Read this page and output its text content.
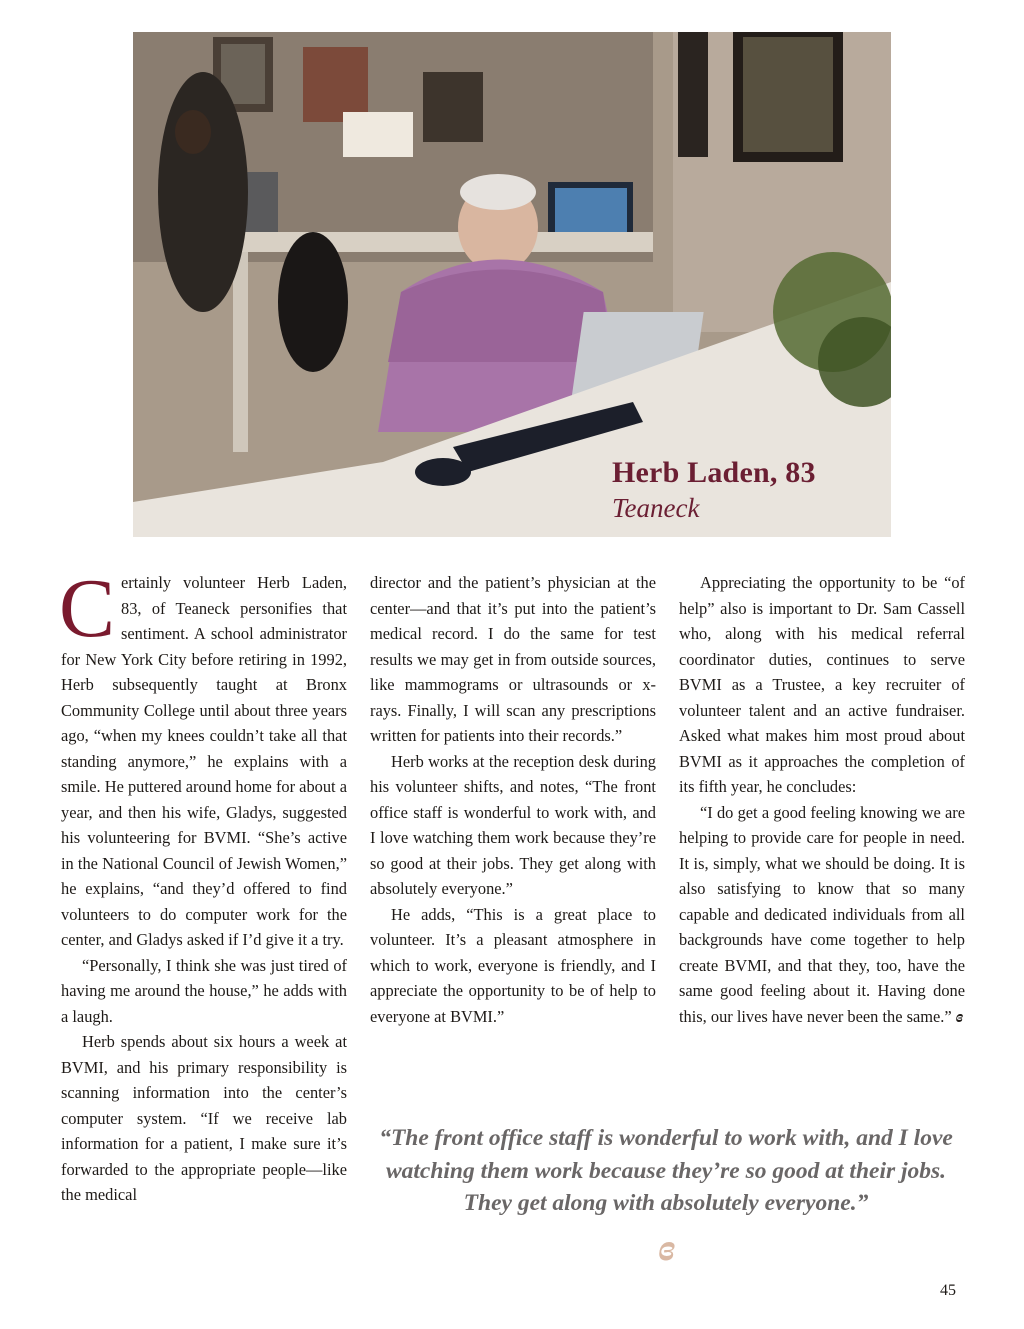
Herb Laden, 83
Teaneck

Certainly volunteer Herb Laden, 83, of Teaneck personifies that sentiment. A school administrator for New York City before retiring in 1992, Herb subsequently taught at Bronx Community College until about three years ago, “when my knees couldn’t take all that standing anymore,” he explains with a smile. He puttered around home for about a year, and then his wife, Gladys, suggested his volunteering for BVMI. “She’s active in the National Council of Jewish Women,” he explains, “and they’d offered to find volunteers to do computer work for the center, and Gladys asked if I’d give it a try.

“Personally, I think she was just tired of having me around the house,” he adds with a laugh.

Herb spends about six hours a week at BVMI, and his primary responsibility is scanning information into the center’s computer system. “If we receive lab information for a patient, I make sure it’s forwarded to the appropriate people—like the medical

director and the patient’s physician at the center—and that it’s put into the patient’s medical record. I do the same for test results we may get in from outside sources, like mammograms or ultrasounds or x-rays. Finally, I will scan any prescriptions written for patients into their records.”

Herb works at the reception desk during his volunteer shifts, and notes, “The front office staff is wonderful to work with, and I love watching them work because they’re so good at their jobs. They get along with absolutely everyone.”

He adds, “This is a great place to volunteer. It’s a pleasant atmosphere in which to work, everyone is friendly, and I appreciate the opportunity to be of help to everyone at BVMI.”

Appreciating the opportunity to be “of help” also is important to Dr. Sam Cassell who, along with his medical referral coordinator duties, continues to serve BVMI as a Trustee, a key recruiter of volunteer talent and an active fundraiser. Asked what makes him most proud about BVMI as it approaches the completion of its fifth year, he concludes:

“I do get a good feeling knowing we are helping to provide care for people in need. It is, simply, what we should be doing. It is also satisfying to know that so many capable and dedicated individuals from all backgrounds have come together to help create BVMI, and that they, too, have the same good feeling about it. Having done this, our lives have never been the same.” ɞ

“The front office staff is wonderful to work with, and I love
watching them work because they’re so good at their jobs.
They get along with absolutely everyone.”
ɞ
45
